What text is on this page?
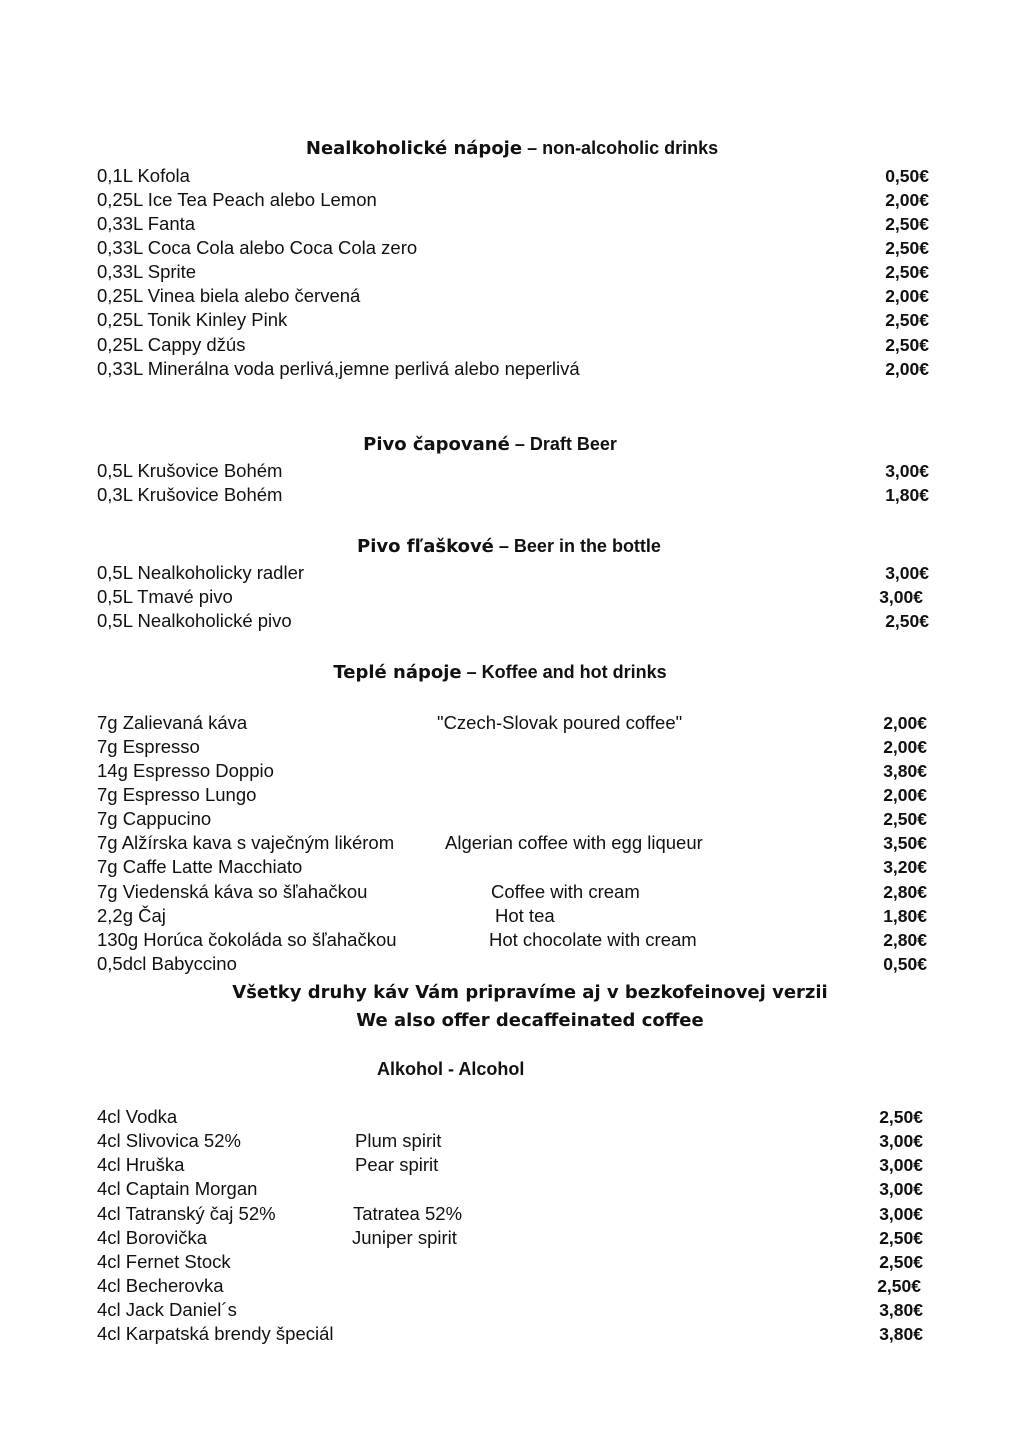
Nealkoholické nápoje – non-alcoholic drinks
0,1L Kofola	0,50€
0,25L Ice Tea Peach alebo Lemon	2,00€
0,33L Fanta	2,50€
0,33L Coca Cola alebo Coca Cola zero	2,50€
0,33L Sprite	2,50€
0,25L Vinea biela alebo červená	2,00€
0,25L Tonik Kinley Pink	2,50€
0,25L Cappy džús	2,50€
0,33L Minerálna voda perlivá,jemne perlivá alebo neperlivá	2,00€
Pivo čapované – Draft Beer
0,5L Krušovice Bohém	3,00€
0,3L Krušovice Bohém	1,80€
Pivo fľaškové – Beer in the bottle
0,5L Nealkoholicky radler	3,00€
0,5L Tmavé pivo	3,00€
0,5L Nealkoholické pivo	2,50€
Teplé nápoje – Koffee and hot drinks
7g Zalievaná káva	"Czech-Slovak poured coffee"	2,00€
7g Espresso	2,00€
14g Espresso Doppio	3,80€
7g Espresso Lungo	2,00€
7g Cappucino	2,50€
7g Alžírska kava s vaječným likérom	Algerian coffee with egg liqueur	3,50€
7g Caffe Latte Macchiato	3,20€
7g Viedenská káva so šľahačkou	Coffee with cream	2,80€
2,2g Čaj	Hot tea	1,80€
130g Horúca čokoláda so šľahačkou	Hot chocolate with cream	2,80€
0,5dcl Babyccino	0,50€
Všetky druhy káv Vám pripravíme aj v bezkofeinovej verzii
We also offer decaffeinated coffee
Alkohol - Alcohol
4cl Vodka	2,50€
4cl Slivovica 52%	Plum spirit	3,00€
4cl Hruška	Pear spirit	3,00€
4cl Captain Morgan	3,00€
4cl Tatranský čaj 52%	Tatratea 52%	3,00€
4cl Borovička	Juniper spirit	2,50€
4cl Fernet Stock	2,50€
4cl Becherovka	2,50€
4cl Jack Daniel´s	3,80€
4cl Karpatská brendy špeciál	3,80€
